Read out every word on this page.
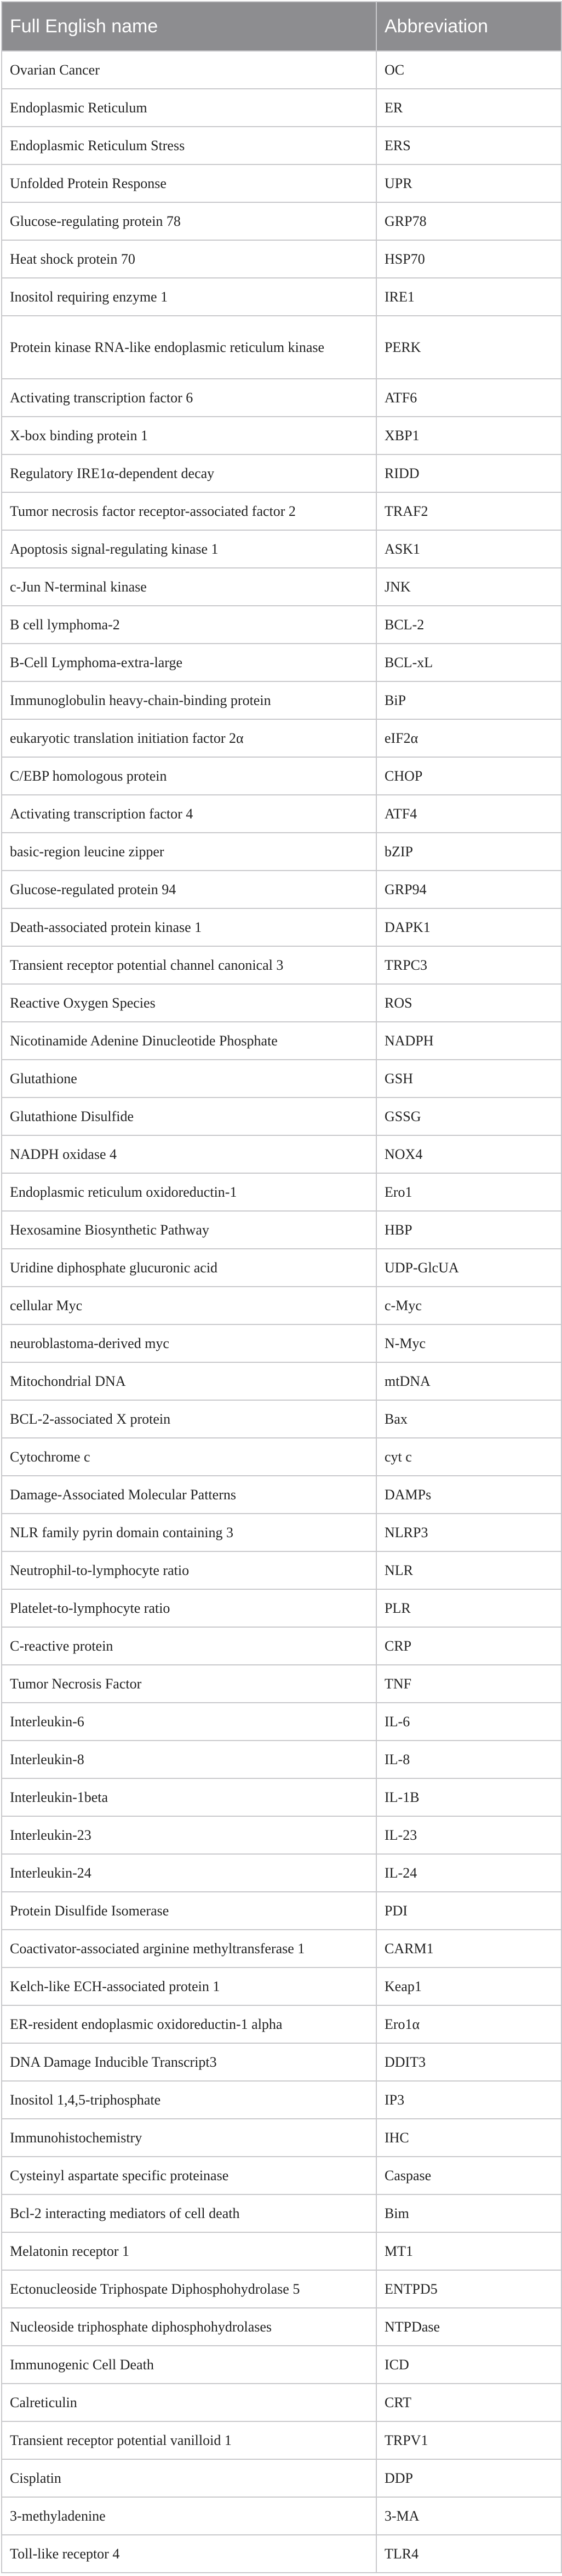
Full English name	Abbreviation
Ovarian Cancer	OC
Endoplasmic Reticulum	ER
Endoplasmic Reticulum Stress	ERS
Unfolded Protein Response	UPR
Glucose-regulating protein 78	GRP78
Heat shock protein 70	HSP70
Inositol requiring enzyme 1	IRE1
Protein kinase RNA-like endoplasmic reticulum kinase	PERK
Activating transcription factor 6	ATF6
X-box binding protein 1	XBP1
Regulatory IRE1α-dependent decay	RIDD
Tumor necrosis factor receptor-associated factor 2	TRAF2
Apoptosis signal-regulating kinase 1	ASK1
c-Jun N-terminal kinase	JNK
B cell lymphoma-2	BCL-2
B-Cell Lymphoma-extra-large	BCL-xL
Immunoglobulin heavy-chain-binding protein	BiP
eukaryotic translation initiation factor 2α	eIF2α
C/EBP homologous protein	CHOP
Activating transcription factor 4	ATF4
basic-region leucine zipper	bZIP
Glucose-regulated protein 94	GRP94
Death-associated protein kinase 1	DAPK1
Transient receptor potential channel canonical 3	TRPC3
Reactive Oxygen Species	ROS
Nicotinamide Adenine Dinucleotide Phosphate	NADPH
Glutathione	GSH
Glutathione Disulfide	GSSG
NADPH oxidase 4	NOX4
Endoplasmic reticulum oxidoreductin-1	Ero1
Hexosamine Biosynthetic Pathway	HBP
Uridine diphosphate glucuronic acid	UDP-GlcUA
cellular Myc	c-Myc
neuroblastoma-derived myc	N-Myc
Mitochondrial DNA	mtDNA
BCL-2-associated X protein	Bax
Cytochrome c	cyt c
Damage-Associated Molecular Patterns	DAMPs
NLR family pyrin domain containing 3	NLRP3
Neutrophil-to-lymphocyte ratio	NLR
Platelet-to-lymphocyte ratio	PLR
C-reactive protein	CRP
Tumor Necrosis Factor	TNF
Interleukin-6	IL-6
Interleukin-8	IL-8
Interleukin-1beta	IL-1B
Interleukin-23	IL-23
Interleukin-24	IL-24
Protein Disulfide Isomerase	PDI
Coactivator-associated arginine methyltransferase 1	CARM1
Kelch-like ECH-associated protein 1	Keap1
ER-resident endoplasmic oxidoreductin-1 alpha	Ero1α
DNA Damage Inducible Transcript3	DDIT3
Inositol 1,4,5-triphosphate	IP3
Immunohistochemistry	IHC
Cysteinyl aspartate specific proteinase	Caspase
Bcl-2 interacting mediators of cell death	Bim
Melatonin receptor 1	MT1
Ectonucleoside Triphospate Diphosphohydrolase 5	ENTPD5
Nucleoside triphosphate diphosphohydrolases	NTPDase
Immunogenic Cell Death	ICD
Calreticulin	CRT
Transient receptor potential vanilloid 1	TRPV1
Cisplatin	DDP
3-methyladenine	3-MA
Toll-like receptor 4	TLR4
